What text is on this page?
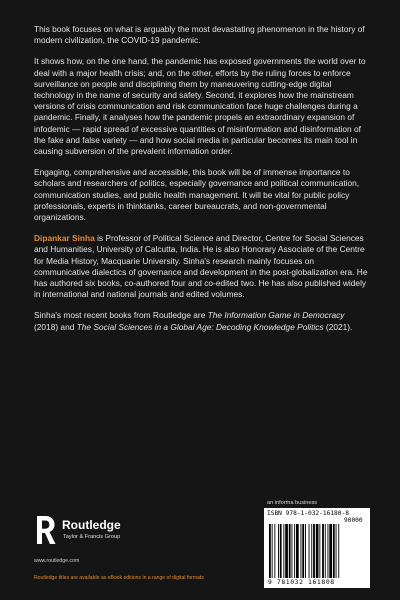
This book focuses on what is arguably the most devastating phenomenon in the history of modern civilization, the COVID-19 pandemic.

It shows how, on the one hand, the pandemic has exposed governments the world over to deal with a major health crisis; and, on the other, efforts by the ruling forces to enforce surveillance on people and disciplining them by maneuvering cutting-edge digital technology in the name of security and safety. Second, it explores how the mainstream versions of crisis communication and risk communication face huge challenges during a pandemic. Finally, it analyses how the pandemic propels an extraordinary expansion of infodemic — rapid spread of excessive quantities of misinformation and disinformation of the fake and false variety — and how social media in particular becomes its main tool in causing subversion of the prevalent information order.

Engaging, comprehensive and accessible, this book will be of immense importance to scholars and researchers of politics, especially governance and political communication, communication studies, and public health management. It will be vital for public policy professionals, experts in thinktanks, career bureaucrats, and non-governmental organizations.

Dipankar Sinha is Professor of Political Science and Director, Centre for Social Sciences and Humanities, University of Calcutta, India. He is also Honorary Associate of the Centre for Media History, Macquarie University. Sinha's research mainly focuses on communicative dialectics of governance and development in the post-globalization era. He has authored six books, co-authored four and co-edited two. He has also published widely in international and national journals and edited volumes.

Sinha's most recent books from Routledge are The Information Game in Democracy (2018) and The Social Sciences in a Global Age: Decoding Knowledge Politics (2021).

an informa business
Routledge
Taylor & Francis Group
www.routledge.com
Routledge titles are available as eBook editions in a range of digital formats
ISBN 978-1-032-16180-8
90000
9 781032 161808
